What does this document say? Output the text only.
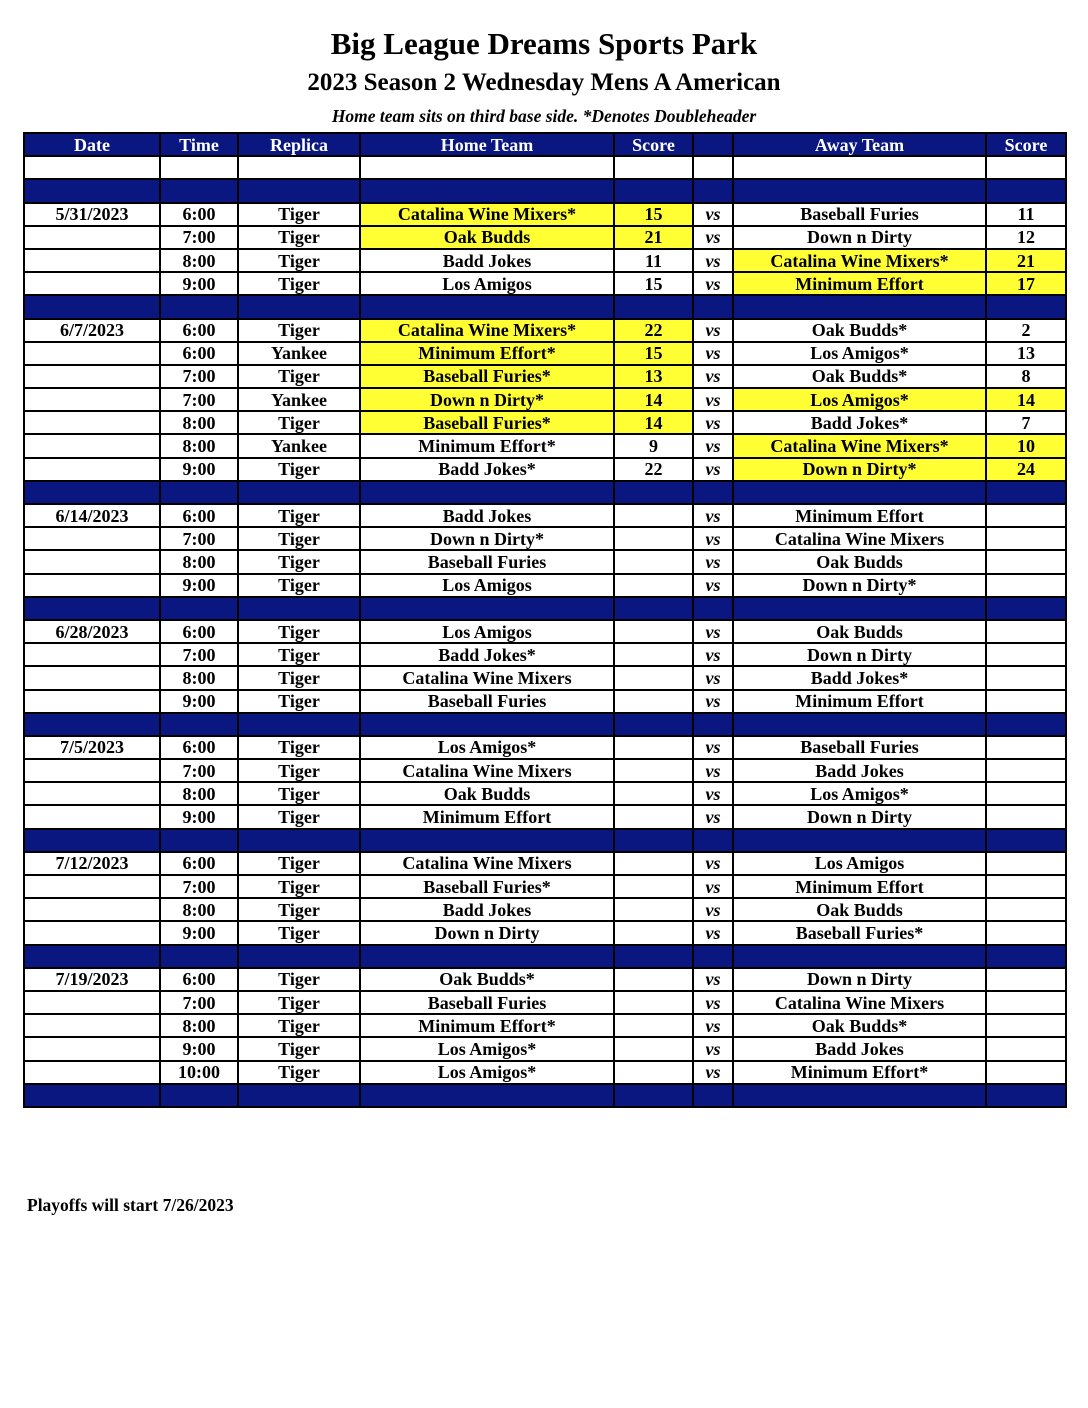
Big League Dreams Sports Park
2023 Season 2 Wednesday Mens A American
Home team sits on third base side. *Denotes Doubleheader
Date	Time	Replica	Home Team	Score		Away Team	Score

5/31/2023	6:00	Tiger	Catalina Wine Mixers*	15	vs	Baseball Furies	11
	7:00	Tiger	Oak Budds	21	vs	Down n Dirty	12
	8:00	Tiger	Badd Jokes	11	vs	Catalina Wine Mixers*	21
	9:00	Tiger	Los Amigos	15	vs	Minimum Effort	17

6/7/2023	6:00	Tiger	Catalina Wine Mixers*	22	vs	Oak Budds*	2
	6:00	Yankee	Minimum Effort*	15	vs	Los Amigos*	13
	7:00	Tiger	Baseball Furies*	13	vs	Oak Budds*	8
	7:00	Yankee	Down n Dirty*	14	vs	Los Amigos*	14
	8:00	Tiger	Baseball Furies*	14	vs	Badd Jokes*	7
	8:00	Yankee	Minimum Effort*	9	vs	Catalina Wine Mixers*	10
	9:00	Tiger	Badd Jokes*	22	vs	Down n Dirty*	24

6/14/2023	6:00	Tiger	Badd Jokes		vs	Minimum Effort	
	7:00	Tiger	Down n Dirty*		vs	Catalina Wine Mixers	
	8:00	Tiger	Baseball Furies		vs	Oak Budds	
	9:00	Tiger	Los Amigos		vs	Down n Dirty*	

6/28/2023	6:00	Tiger	Los Amigos		vs	Oak Budds	
	7:00	Tiger	Badd Jokes*		vs	Down n Dirty	
	8:00	Tiger	Catalina Wine Mixers		vs	Badd Jokes*	
	9:00	Tiger	Baseball Furies		vs	Minimum Effort	

7/5/2023	6:00	Tiger	Los Amigos*		vs	Baseball Furies	
	7:00	Tiger	Catalina Wine Mixers		vs	Badd Jokes	
	8:00	Tiger	Oak Budds		vs	Los Amigos*	
	9:00	Tiger	Minimum Effort		vs	Down n Dirty	

7/12/2023	6:00	Tiger	Catalina Wine Mixers		vs	Los Amigos	
	7:00	Tiger	Baseball Furies*		vs	Minimum Effort	
	8:00	Tiger	Badd Jokes		vs	Oak Budds	
	9:00	Tiger	Down n Dirty		vs	Baseball Furies*	

7/19/2023	6:00	Tiger	Oak Budds*		vs	Down n Dirty	
	7:00	Tiger	Baseball Furies		vs	Catalina Wine Mixers	
	8:00	Tiger	Minimum Effort*		vs	Oak Budds*	
	9:00	Tiger	Los Amigos*		vs	Badd Jokes	
	10:00	Tiger	Los Amigos*		vs	Minimum Effort*	

Playoffs will start 7/26/2023
